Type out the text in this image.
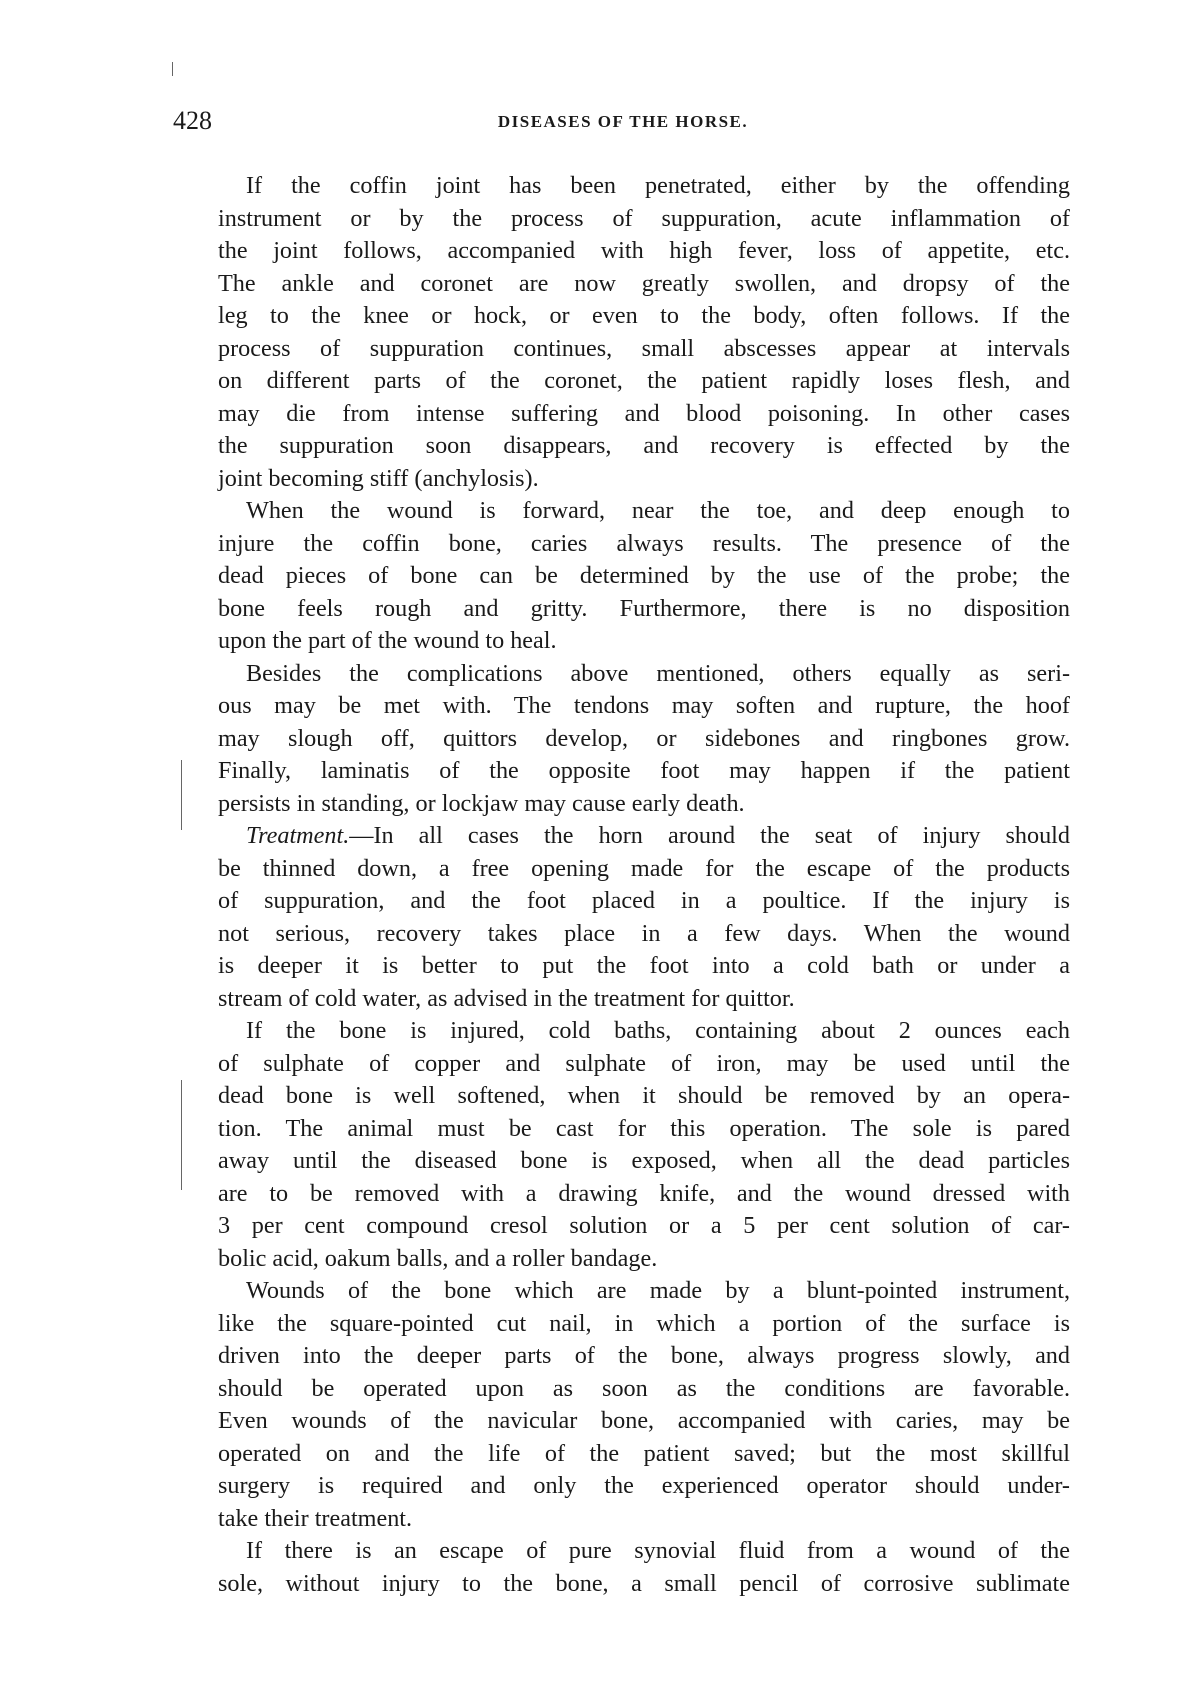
428	DISEASES OF THE HORSE.
If the coffin joint has been penetrated, either by the offending
instrument or by the process of suppuration, acute inflammation of
the joint follows, accompanied with high fever, loss of appetite, etc.
The ankle and coronet are now greatly swollen, and dropsy of the
leg to the knee or hock, or even to the body, often follows. If the
process of suppuration continues, small abscesses appear at intervals
on different parts of the coronet, the patient rapidly loses flesh, and
may die from intense suffering and blood poisoning. In other cases
the suppuration soon disappears, and recovery is effected by the
joint becoming stiff (anchylosis).
When the wound is forward, near the toe, and deep enough to
injure the coffin bone, caries always results. The presence of the
dead pieces of bone can be determined by the use of the probe; the
bone feels rough and gritty. Furthermore, there is no disposition
upon the part of the wound to heal.
Besides the complications above mentioned, others equally as seri-
ous may be met with. The tendons may soften and rupture, the hoof
may slough off, quittors develop, or sidebones and ringbones grow.
Finally, laminatis of the opposite foot may happen if the patient
persists in standing, or lockjaw may cause early death.
Treatment.—In all cases the horn around the seat of injury should
be thinned down, a free opening made for the escape of the products
of suppuration, and the foot placed in a poultice. If the injury is
not serious, recovery takes place in a few days. When the wound
is deeper it is better to put the foot into a cold bath or under a
stream of cold water, as advised in the treatment for quittor.
If the bone is injured, cold baths, containing about 2 ounces each
of sulphate of copper and sulphate of iron, may be used until the
dead bone is well softened, when it should be removed by an opera-
tion. The animal must be cast for this operation. The sole is pared
away until the diseased bone is exposed, when all the dead particles
are to be removed with a drawing knife, and the wound dressed with
3 per cent compound cresol solution or a 5 per cent solution of car-
bolic acid, oakum balls, and a roller bandage.
Wounds of the bone which are made by a blunt-pointed instrument,
like the square-pointed cut nail, in which a portion of the surface is
driven into the deeper parts of the bone, always progress slowly, and
should be operated upon as soon as the conditions are favorable.
Even wounds of the navicular bone, accompanied with caries, may be
operated on and the life of the patient saved; but the most skillful
surgery is required and only the experienced operator should under-
take their treatment.
If there is an escape of pure synovial fluid from a wound of the
sole, without injury to the bone, a small pencil of corrosive sublimate
